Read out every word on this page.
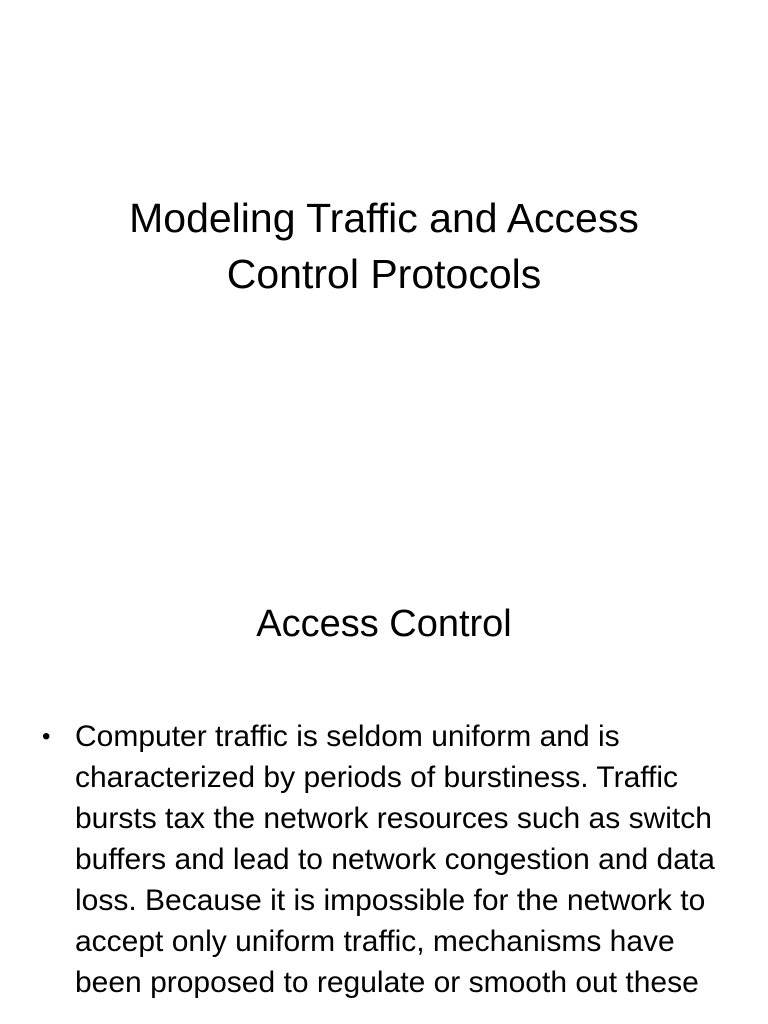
Modeling Traffic and Access
Control Protocols
Access Control
• Computer traffic is seldom uniform and is characterized by periods of burstiness. Traffic bursts tax the network resources such as switch buffers and lead to network congestion and data loss. Because it is impossible for the network to accept only uniform traffic, mechanisms have been proposed to regulate or smooth out these
